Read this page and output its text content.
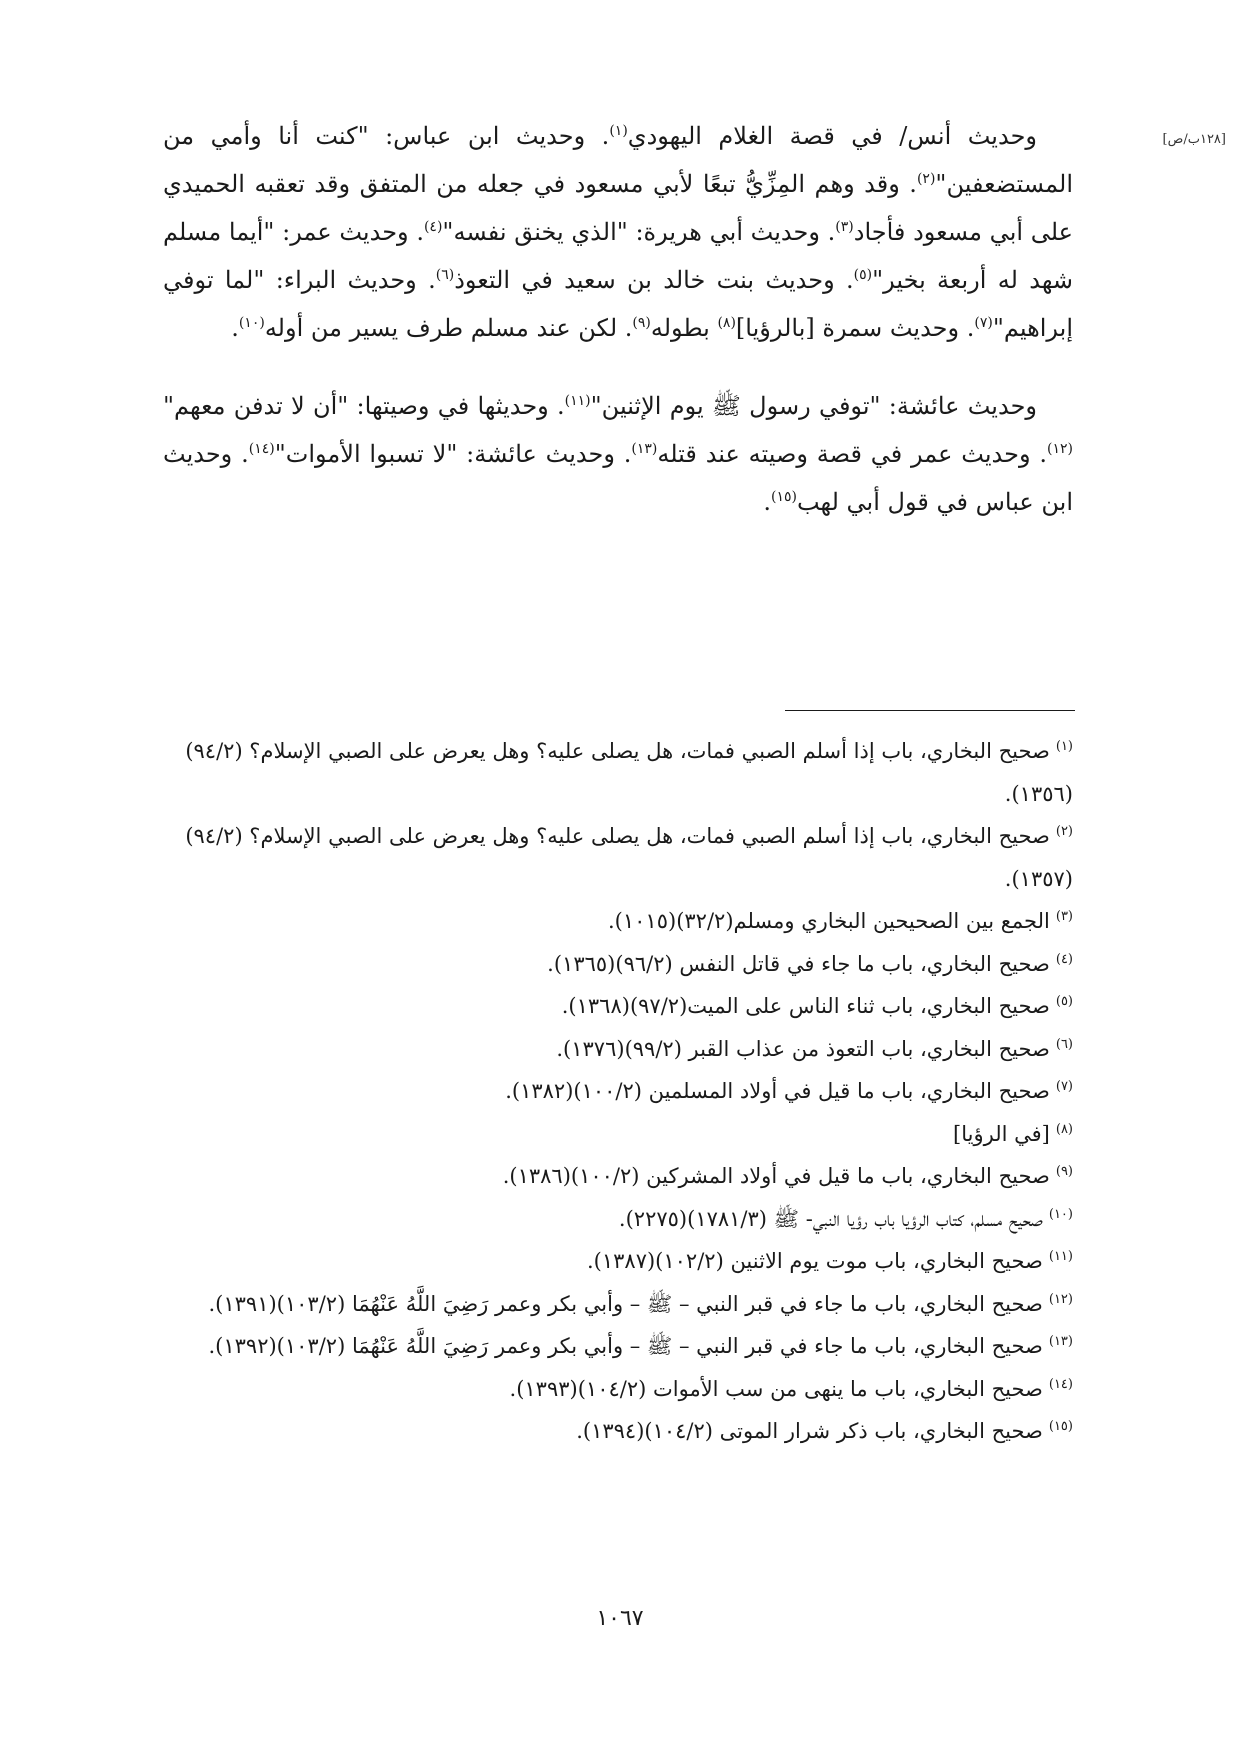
[١٢٨ب/ص]

وحديث أنس/ في قصة الغلام اليهودي$^{(١)}$. وحديث ابن عباس: "كنت أنا وأمي من المستضعفين"$^{(٢)}$. وقد وهم المِزِّيُّ تبعًا لأبي مسعود في جعله من المتفق وقد تعقبه الحميدي على أبي مسعود فأجاد$^{(٣)}$. وحديث أبي هريرة: "الذي يخنق نفسه"$^{(٤)}$. وحديث عمر: "أيما مسلم شهد له أربعة بخير"$^{(٥)}$. وحديث بنت خالد بن سعيد في التعوذ$^{(٦)}$. وحديث البراء: "لما توفي إبراهيم"$^{(٧)}$. وحديث سمرة [بالرؤيا]$^{(٨)}$ بطوله$^{(٩)}$. لكن عند مسلم طرف يسير من أوله$^{(١٠)}$.

وحديث عائشة: "توفي رسول ﷺ يوم الإثنين"$^{(١١)}$. وحديثها في وصيتها: "أن لا تدفن معهم"$^{(١٢)}$. وحديث عمر في قصة وصيته عند قتله$^{(١٣)}$. وحديث عائشة: "لا تسبوا الأموات"$^{(١٤)}$. وحديث ابن عباس في قول أبي لهب$^{(١٥)}$.

$^{(١)}$صحيح البخاري، باب إذا أسلم الصبي فمات، هل يصلى عليه؟ وهل يعرض على الصبي الإسلام؟ (٩٤/٢)(١٣٥٦).
$^{(٢)}$صحيح البخاري، باب إذا أسلم الصبي فمات، هل يصلى عليه؟ وهل يعرض على الصبي الإسلام؟ (٩٤/٢)(١٣٥٧).
$^{(٣)}$الجمع بين الصحيحين البخاري ومسلم(٣٢/٢)(١٠١٥).
$^{(٤)}$صحيح البخاري، باب ما جاء في قاتل النفس (٩٦/٢)(١٣٦٥).
$^{(٥)}$صحيح البخاري، باب ثناء الناس على الميت(٩٧/٢)(١٣٦٨).
$^{(٦)}$صحيح البخاري، باب التعوذ من عذاب القبر (٩٩/٢)(١٣٧٦).
$^{(٧)}$صحيح البخاري، باب ما قيل في أولاد المسلمين (١٠٠/٢)(١٣٨٢).
$^{(٨)}$[في الرؤيا]
$^{(٩)}$صحيح البخاري، باب ما قيل في أولاد المشركين (١٠٠/٢)(١٣٨٦).
$^{(١٠)}$صحيح مسلم، كتاب الرؤيا باب رؤيا النبي- ﷺ (١٧٨١/٣)(٢٢٧٥).
$^{(١١)}$صحيح البخاري، باب موت يوم الاثنين (١٠٢/٢)(١٣٨٧).
$^{(١٢)}$صحيح البخاري، باب ما جاء في قبر النبي – ﷺ – وأبي بكر وعمر رَضِيَ اللَّهُ عَنْهُمَا (١٠٣/٢)(١٣٩١).
$^{(١٣)}$صحيح البخاري، باب ما جاء في قبر النبي – ﷺ – وأبي بكر وعمر رَضِيَ اللَّهُ عَنْهُمَا (١٠٣/٢)(١٣٩٢).
$^{(١٤)}$صحيح البخاري، باب ما ينهى من سب الأموات (١٠٤/٢)(١٣٩٣).
$^{(١٥)}$صحيح البخاري، باب ذكر شرار الموتى (١٠٤/٢)(١٣٩٤).
١٠٦٧
